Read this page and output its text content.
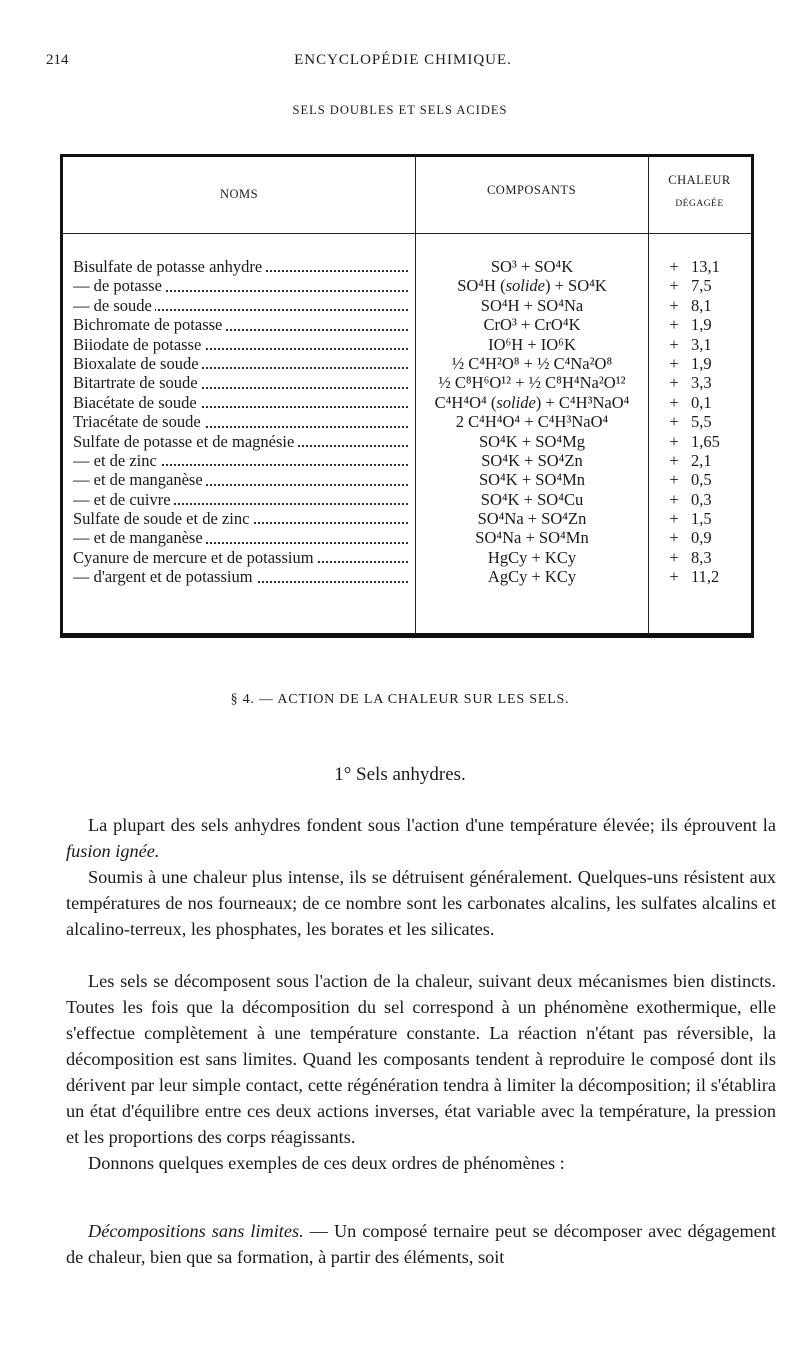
214	ENCYCLOPÉDIE CHIMIQUE.
SELS DOUBLES ET SELS ACIDES
NOMS	COMPOSANTS
CHALEUR
DÉGAGÉE
Bisulfate de potasse anhydre
— de potasse
— de soude
Bichromate de potasse
Biiodate de potasse
Bioxalate de soude
Bitartrate de soude
Biacétate de soude
Triacétate de soude
Sulfate de potasse et de magnésie
— et de zinc
— et de manganèse
— et de cuivre
Sulfate de soude et de zinc
— et de manganèse
Cyanure de mercure et de potassium
— d'argent et de potassium
SO³ + SO⁴K
SO⁴H (solide) + SO⁴K
SO⁴H + SO⁴Na
CrO³ + CrO⁴K
IO⁶H + IO⁶K
½ C⁴H²O⁸ + ½ C⁴Na²O⁸
½ C⁸H⁶O¹² + ½ C⁸H⁴Na²O¹²
C⁴H⁴O⁴ (solide) + C⁴H³NaO⁴
2 C⁴H⁴O⁴ + C⁴H³NaO⁴
SO⁴K + SO⁴Mg
SO⁴K + SO⁴Zn
SO⁴K + SO⁴Mn
SO⁴K + SO⁴Cu
SO⁴Na + SO⁴Zn
SO⁴Na + SO⁴Mn
HgCy + KCy
AgCy + KCy
+ 13,1
+ 7,5
+ 8,1
+ 1,9
+ 3,1
+ 1,9
+ 3,3
+ 0,1
+ 5,5
+ 1,65
+ 2,1
+ 0,5
+ 0,3
+ 1,5
+ 0,9
+ 8,3
+ 11,2
§ 4. — ACTION DE LA CHALEUR SUR LES SELS.
1° Sels anhydres.

La plupart des sels anhydres fondent sous l'action d'une température élevée; ils éprouvent la fusion ignée.

Soumis à une chaleur plus intense, ils se détruisent généralement. Quelques-uns résistent aux températures de nos fourneaux; de ce nombre sont les carbonates alcalins, les sulfates alcalins et alcalino-terreux, les phosphates, les borates et les silicates.

Les sels se décomposent sous l'action de la chaleur, suivant deux mécanismes bien distincts. Toutes les fois que la décomposition du sel correspond à un phénomène exothermique, elle s'effectue complètement à une température constante. La réaction n'étant pas réversible, la décomposition est sans limites. Quand les composants tendent à reproduire le composé dont ils dérivent par leur simple contact, cette régénération tendra à limiter la décomposition; il s'établira un état d'équilibre entre ces deux actions inverses, état variable avec la température, la pression et les proportions des corps réagissants.

Donnons quelques exemples de ces deux ordres de phénomènes :

Décompositions sans limites. — Un composé ternaire peut se décomposer avec dégagement de chaleur, bien que sa formation, à partir des éléments, soit
